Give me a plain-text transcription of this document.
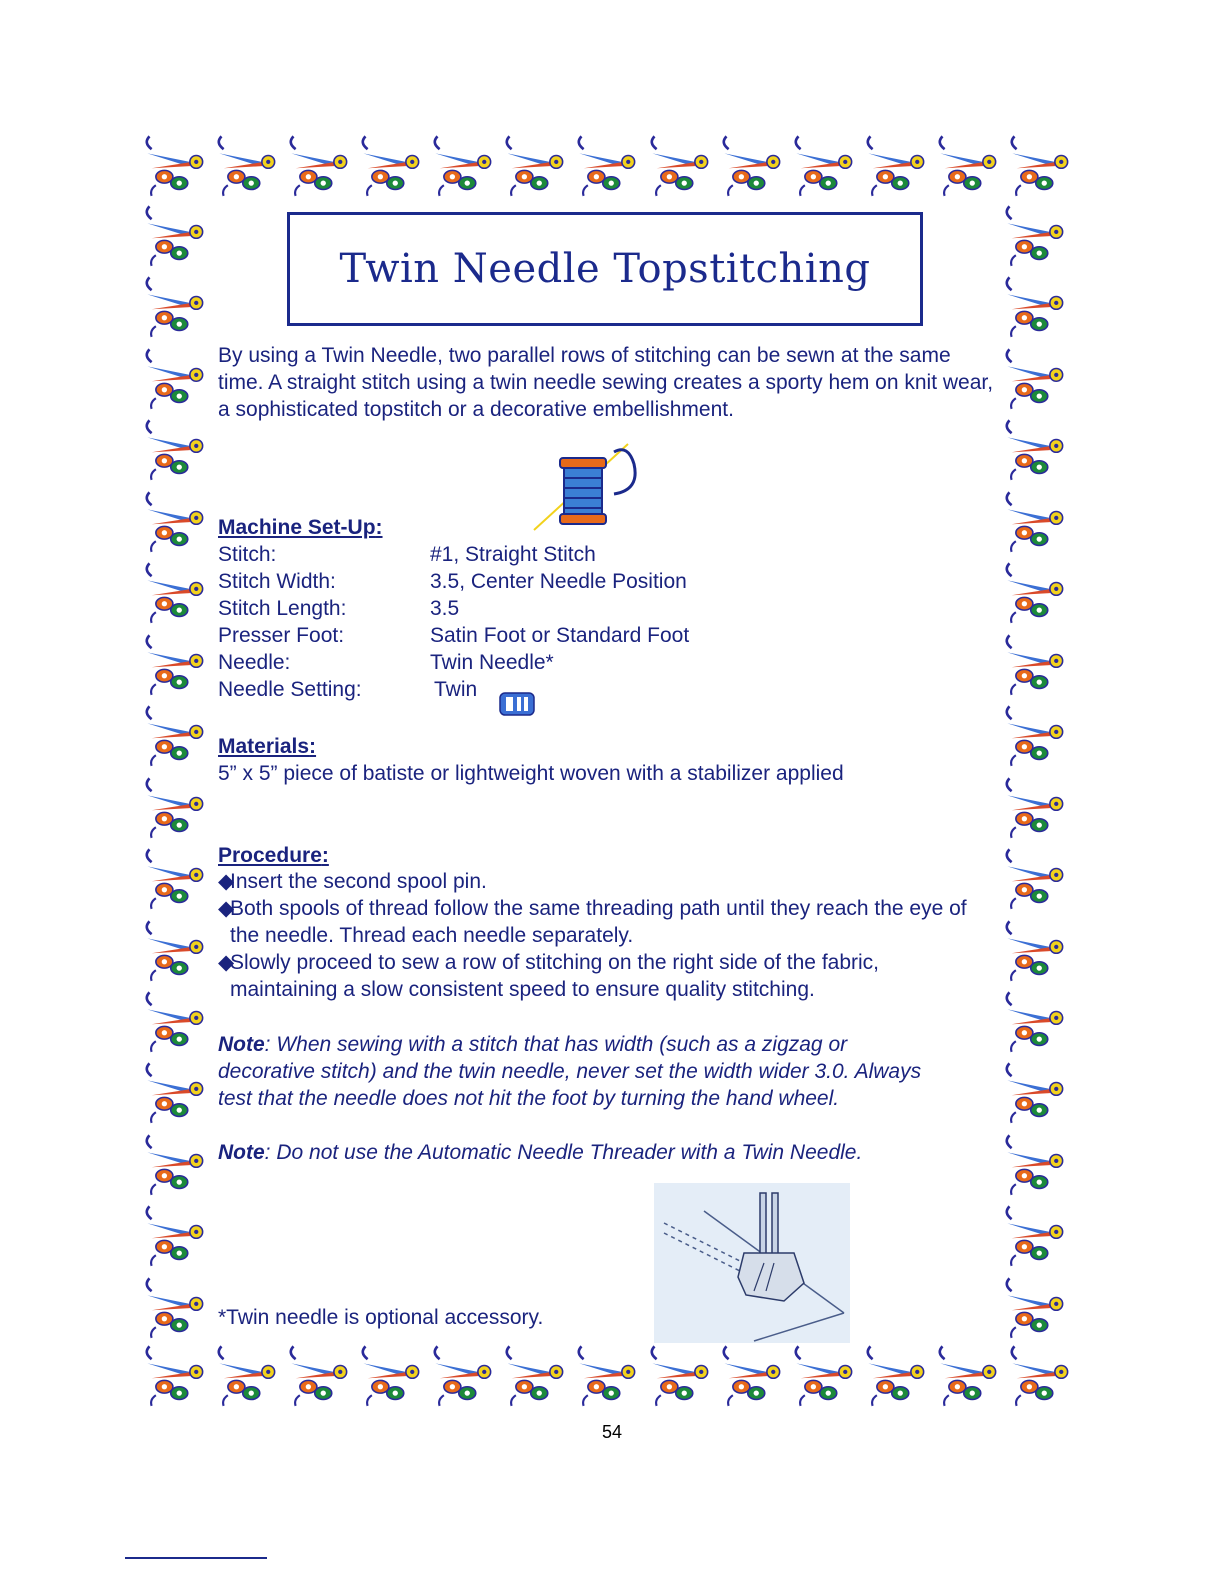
Twin Needle Topstitching
By using a Twin Needle, two parallel rows of stitching can be sewn at the same time. A straight stitch using a twin needle sewing creates a sporty hem on knit wear, a sophisticated topstitch or a decorative embellishment.
Machine Set-Up:
Stitch:	#1, Straight Stitch
Stitch Width:	3.5, Center Needle Position
Stitch Length:	3.5
Presser Foot:	Satin Foot or Standard Foot
Needle:	Twin Needle*
Needle Setting:	Twin
Materials:
5” x 5” piece of batiste or lightweight woven with a stabilizer applied
Procedure:
◆
Insert the second spool pin.
◆
Both spools of thread follow the same threading path until they reach the eye of the needle. Thread each needle separately.
◆
Slowly proceed to sew a row of stitching on the right side of the fabric, maintaining a slow consistent speed to ensure quality stitching.
Note: When sewing with a stitch that has width (such as a zigzag or decorative stitch) and the twin needle, never set the width wider 3.0. Always test that the needle does not hit the foot by turning the hand wheel.
Note: Do not use the Automatic Needle Threader with a Twin Needle.
*Twin needle is optional accessory.
54
